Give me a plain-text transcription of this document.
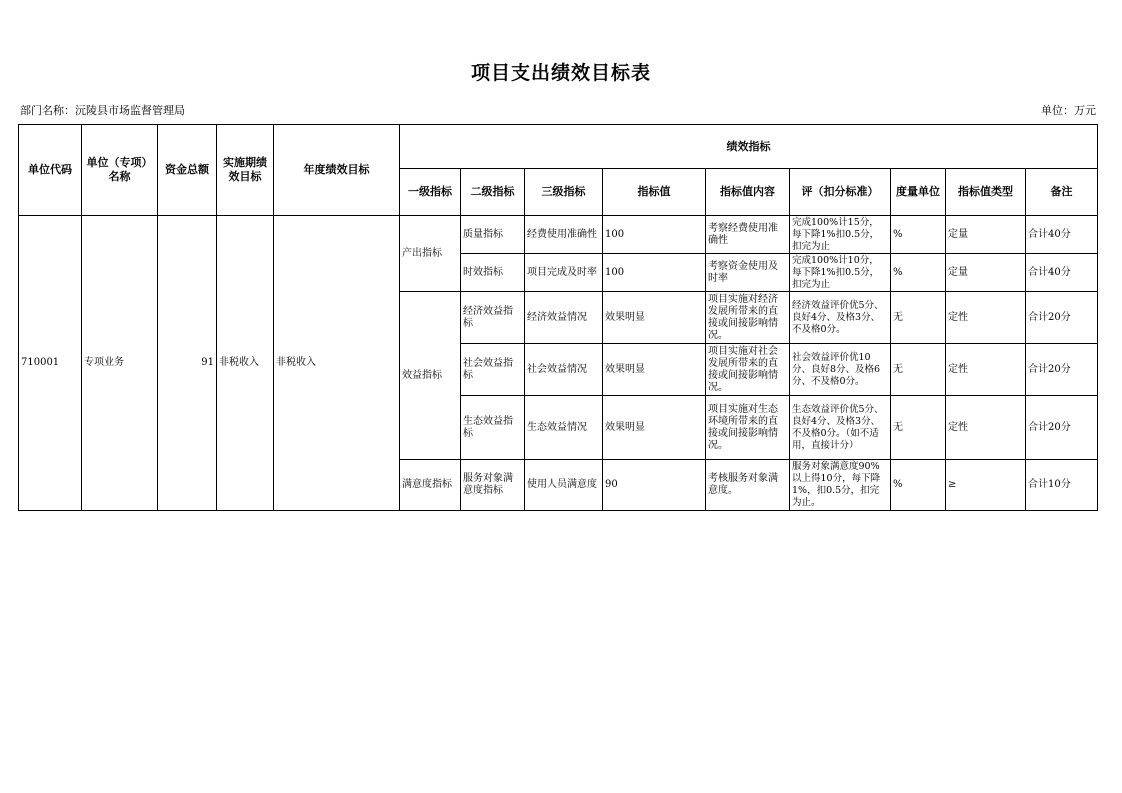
项目支出绩效目标表
部门名称：沅陵县市场监督管理局	单位：万元
单位代码	单位（专项）名称	资金总额	实施期绩效目标	年度绩效目标	绩效指标								
					一级指标	二级指标	三级指标	指标值	指标值内容	评（扣分标准）	度量单位	指标值类型	备注
710001	专项业务	91	非税收入	非税收入	产出指标	质量指标	经费使用准确性	100	考察经费使用准确性	完成100%计15分，每下降1%扣0.5分，扣完为止	%	定量	合计40分
						时效指标	项目完成及时率	100	考察资金使用及时率	完成100%计10分，每下降1%扣0.5分，扣完为止	%	定量	合计40分
					效益指标	经济效益指标	经济效益情况	效果明显	项目实施对经济发展所带来的直接或间接影响情况。	经济效益评价优5分、良好4分、及格3分、不及格0分。	无	定性	合计20分
						社会效益指标	社会效益情况	效果明显	项目实施对社会发展所带来的直接或间接影响情况。	社会效益评价优10分、良好8分、及格6分、不及格0分。	无	定性	合计20分
						生态效益指标	生态效益情况	效果明显	项目实施对生态环境所带来的直接或间接影响情况。	生态效益评价优5分、良好4分、及格3分、不及格0分。（如不适用，直接计分）	无	定性	合计20分
					满意度指标	服务对象满意度指标	使用人员满意度	90	考核服务对象满意度。	服务对象满意度90%以上得10分，每下降1%，扣0.5分，扣完为止。	%	≥	合计10分
